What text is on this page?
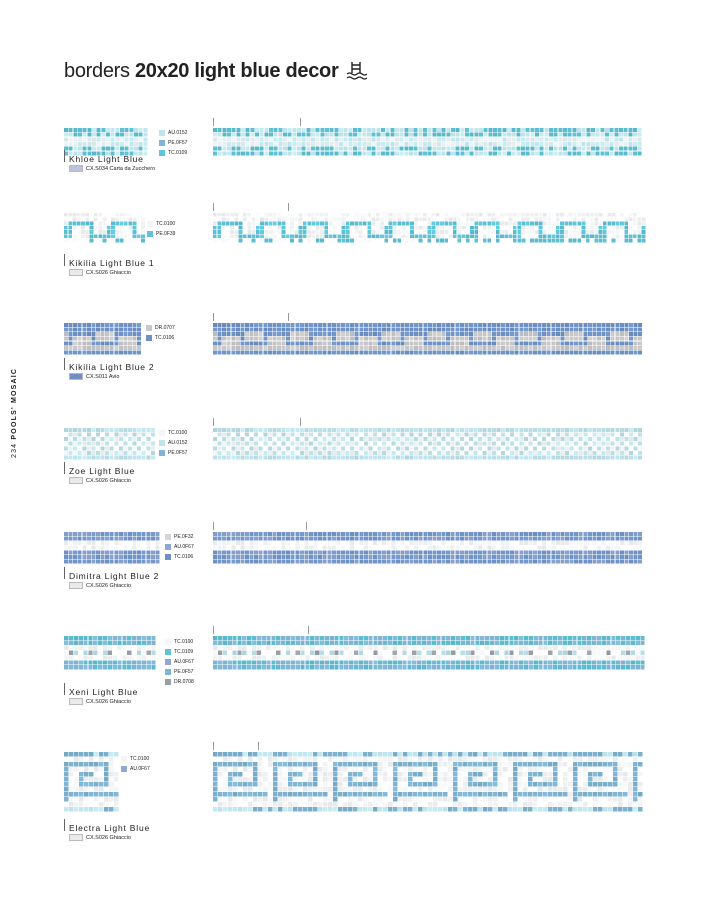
borders 20x20 light blue decor
234 POOLS' MOSAIC
AU.0152
PE.0F57
TC.0109
Khloe Light Blue
CX.S034 Carta da Zucchero
TC.0100
PE.0F39
Kikilia Light Blue 1
CX.S026 Ghiaccio
DR.0707
TC.0106
Kikilia Light Blue 2
CX.S011 Avio
TC.0100
AU.0152
PE.0F57
Zoe Light Blue
CX.S026 Ghiaccio
PE.0F32
AU.0F67
TC.0106
Dimitra Light Blue 2
CX.S026 Ghiaccio
TC.0100
TC.0109
AU.0F67
PE.0F57
DR.0708
Xeni Light Blue
CX.S026 Ghiaccio
TC.0100
AU.0F67
Electra Light Blue
CX.S026 Ghiaccio
